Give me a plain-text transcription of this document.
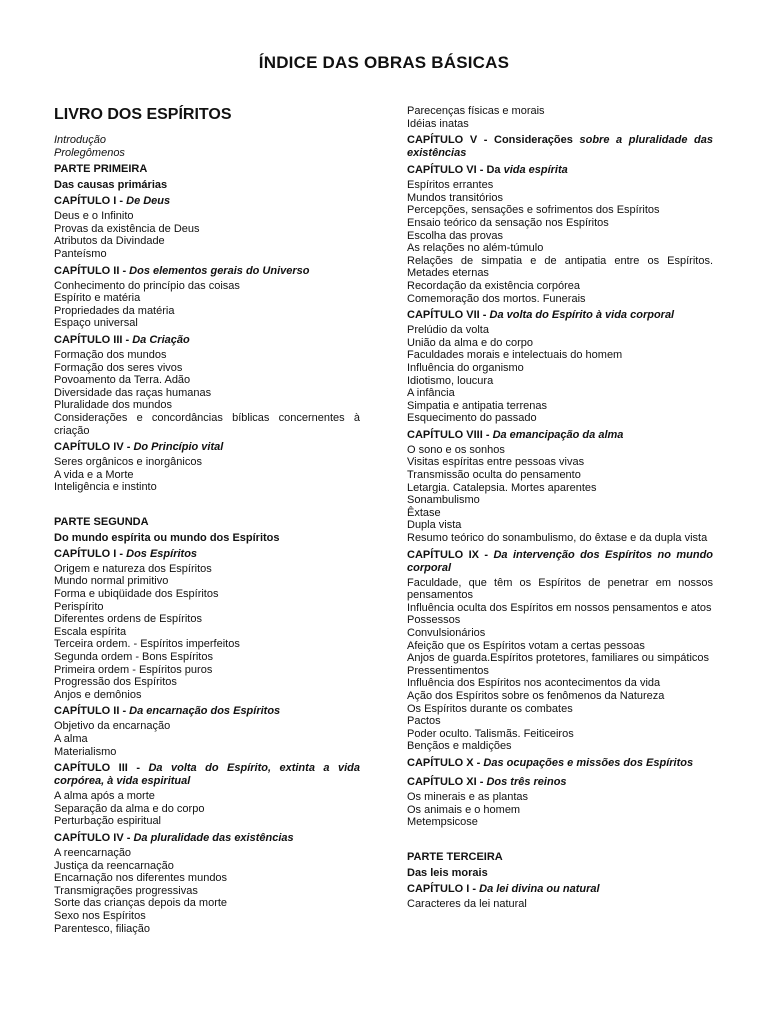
ÍNDICE DAS OBRAS BÁSICAS
LIVRO DOS ESPÍRITOS
Introdução
Prolegômenos
PARTE PRIMEIRA
Das causas primárias
CAPÍTULO I - De Deus
Deus e o Infinito
Provas da existência de Deus
Atributos da Divindade
Panteísmo
CAPÍTULO II - Dos elementos gerais do Universo
Conhecimento do princípio das coisas
Espírito e matéria
Propriedades da matéria
Espaço universal
CAPÍTULO III - Da Criação
Formação dos mundos
Formação dos seres vivos
Povoamento da Terra. Adão
Diversidade das raças humanas
Pluralidade dos mundos
Considerações e concordâncias bíblicas concernentes à criação
CAPÍTULO IV - Do Princípio vital
Seres orgânicos e inorgânicos
A vida e a Morte
Inteligência e instinto
PARTE SEGUNDA
Do mundo espírita ou mundo dos Espíritos
CAPÍTULO I - Dos Espíritos
Origem e natureza dos Espíritos
Mundo normal primitivo
Forma e ubiqüidade dos Espíritos
Perispírito
Diferentes ordens de Espíritos
Escala espírita
Terceira ordem. - Espíritos imperfeitos
Segunda ordem - Bons Espíritos
Primeira ordem - Espíritos puros
Progressão dos Espíritos
Anjos e demônios
CAPÍTULO II - Da encarnação dos Espíritos
Objetivo da encarnação
A alma
Materialismo
CAPÍTULO III - Da volta do Espírito, extinta a vida corpórea, à vida espiritual
A alma após a morte
Separação da alma e do corpo
Perturbação espiritual
CAPÍTULO IV - Da pluralidade das existências
A reencarnação
Justiça da reencarnação
Encarnação nos diferentes mundos
Transmigrações progressivas
Sorte das crianças depois da morte
Sexo nos Espíritos
Parentesco, filiação
Parecenças físicas e morais
Idéias inatas
CAPÍTULO V - Considerações sobre a pluralidade das existências
CAPÍTULO VI - Da vida espírita
Espíritos errantes
Mundos transitórios
Percepções, sensações e sofrimentos dos Espíritos
Ensaio teórico da sensação nos Espíritos
Escolha das provas
As relações no além-túmulo
Relações de simpatia e de antipatia entre os Espíritos. Metades eternas
Recordação da existência corpórea
Comemoração dos mortos. Funerais
CAPÍTULO VII - Da volta do Espírito à vida corporal
Prelúdio da volta
União da alma e do corpo
Faculdades morais e intelectuais do homem
Influência do organismo
Idiotismo, loucura
A infância
Simpatia e antipatia terrenas
Esquecimento do passado
CAPÍTULO VIII - Da emancipação da alma
O sono e os sonhos
Visitas espíritas entre pessoas vivas
Transmissão oculta do pensamento
Letargia. Catalepsia. Mortes aparentes
Sonambulismo
Êxtase
Dupla vista
Resumo teórico do sonambulismo, do êxtase e da dupla vista
CAPÍTULO IX - Da intervenção dos Espíritos no mundo corporal
Faculdade, que têm os Espíritos de penetrar em nossos pensamentos
Influência oculta dos Espíritos em nossos pensamentos e atos
Possessos
Convulsionários
Afeição que os Espíritos votam a certas pessoas
Anjos de guarda.Espíritos protetores, familiares ou simpáticos
Pressentimentos
Influência dos Espíritos nos acontecimentos da vida
Ação dos Espíritos sobre os fenômenos da Natureza
Os Espíritos durante os combates
Pactos
Poder oculto. Talismãs. Feiticeiros
Bençãos e maldições
CAPÍTULO X - Das ocupações e missões dos Espíritos
CAPÍTULO XI - Dos três reinos
Os minerais e as plantas
Os animais e o homem
Metempsicose
PARTE TERCEIRA
Das leis morais
CAPÍTULO I - Da lei divina ou natural
Caracteres da lei natural
